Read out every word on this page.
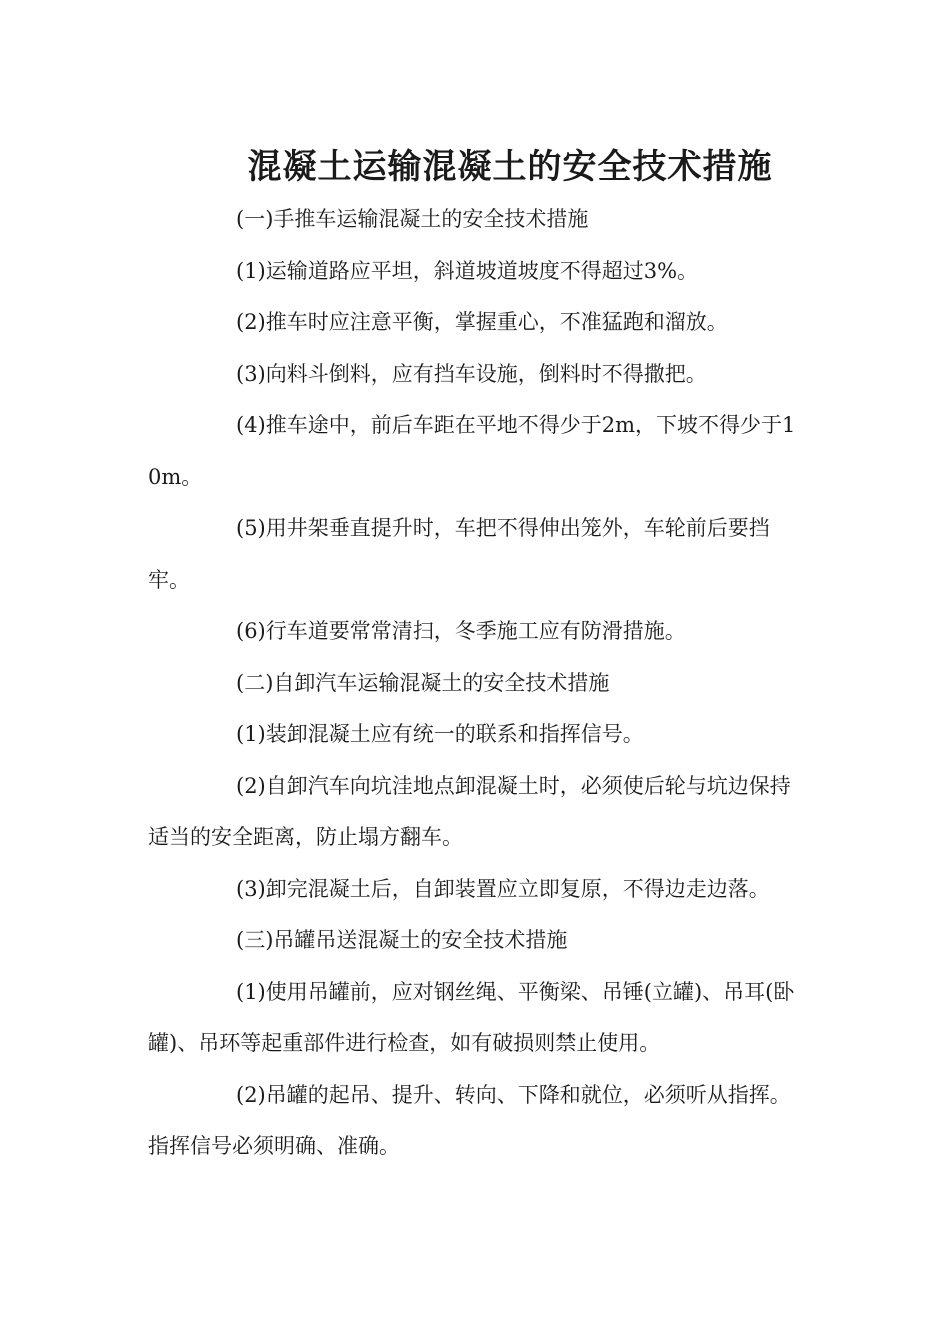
混凝土运输混凝土的安全技术措施

(一)手推车运输混凝土的安全技术措施

(1)运输道路应平坦，斜道坡道坡度不得超过3%。

(2)推车时应注意平衡，掌握重心，不准猛跑和溜放。

(3)向料斗倒料，应有挡车设施，倒料时不得撒把。

(4)推车途中，前后车距在平地不得少于2m，下坡不得少于10m。

(5)用井架垂直提升时，车把不得伸出笼外，车轮前后要挡牢。

(6)行车道要常常清扫，冬季施工应有防滑措施。

(二)自卸汽车运输混凝土的安全技术措施

(1)装卸混凝土应有统一的联系和指挥信号。

(2)自卸汽车向坑洼地点卸混凝土时，必须使后轮与坑边保持适当的安全距离，防止塌方翻车。

(3)卸完混凝土后，自卸装置应立即复原，不得边走边落。

(三)吊罐吊送混凝土的安全技术措施

(1)使用吊罐前，应对钢丝绳、平衡梁、吊锤(立罐)、吊耳(卧罐)、吊环等起重部件进行检查，如有破损则禁止使用。

(2)吊罐的起吊、提升、转向、下降和就位，必须听从指挥。指挥信号必须明确、准确。
